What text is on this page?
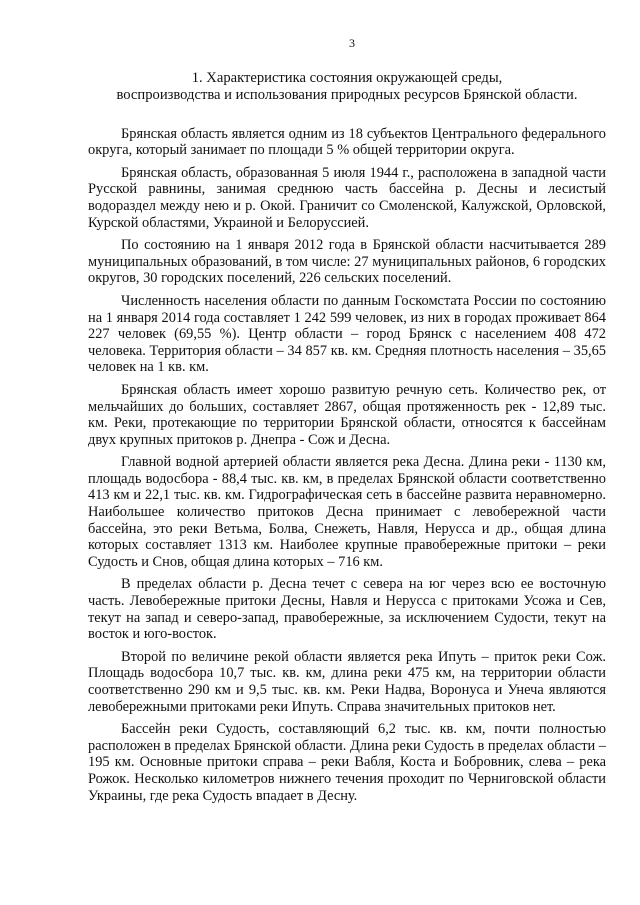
3
1. Характеристика состояния окружающей среды,
воспроизводства и использования природных ресурсов Брянской области.

Брянская область является одним из 18 субъектов Центрального федерального округа, который занимает по площади 5 % общей территории округа.

Брянская область, образованная 5 июля 1944 г., расположена в западной части Русской равнины, занимая среднюю часть бассейна р. Десны и лесистый водораздел между нею и р. Окой. Граничит со Смоленской, Калужской, Орловской, Курской областями, Украиной и Белоруссией.

По состоянию на 1 января 2012 года в Брянской области насчитывается 289 муниципальных образований, в том числе: 27 муниципальных районов, 6 городских округов, 30 городских поселений, 226 сельских поселений.

Численность населения области по данным Госкомстата России по состоянию на 1 января 2014 года составляет 1 242 599 человек, из них в городах проживает 864 227 человек (69,55 %). Центр области – город Брянск с населением 408 472 человека. Территория области – 34 857 кв. км. Средняя плотность населения – 35,65 человек на 1 кв. км.

Брянская область имеет хорошо развитую речную сеть. Количество рек, от мельчайших до больших, составляет 2867, общая протяженность рек - 12,89 тыс. км. Реки, протекающие по территории Брянской области, относятся к бассейнам двух крупных притоков р. Днепра - Сож и Десна.

Главной водной артерией области является река Десна. Длина реки - 1130 км, площадь водосбора - 88,4 тыс. кв. км, в пределах Брянской области соответственно 413 км и 22,1 тыс. кв. км. Гидрографическая сеть в бассейне развита неравномерно. Наибольшее количество притоков Десна принимает с левобережной части бассейна, это реки Ветьма, Болва, Снежеть, Навля, Нерусса и др., общая длина которых составляет 1313 км. Наиболее крупные правобережные притоки – реки Судость и Снов, общая длина которых – 716 км.

В пределах области р. Десна течет с севера на юг через всю ее восточную часть. Левобережные притоки Десны, Навля и Нерусса с притоками Усожа и Сев, текут на запад и северо-запад, правобережные, за исключением Судости, текут на восток и юго-восток.

Второй по величине рекой области является река Ипуть – приток реки Сож. Площадь водосбора 10,7 тыс. кв. км, длина реки 475 км, на территории области соответственно 290 км и 9,5 тыс. кв. км. Реки Надва, Воронуса и Унеча являются левобережными притоками реки Ипуть. Справа значительных притоков нет.

Бассейн реки Судость, составляющий 6,2 тыс. кв. км, почти полностью расположен в пределах Брянской области. Длина реки Судость в пределах области – 195 км. Основные притоки справа – реки Вабля, Коста и Бобровник, слева – река Рожок. Несколько километров нижнего течения проходит по Черниговской области Украины, где река Судость впадает в Десну.
